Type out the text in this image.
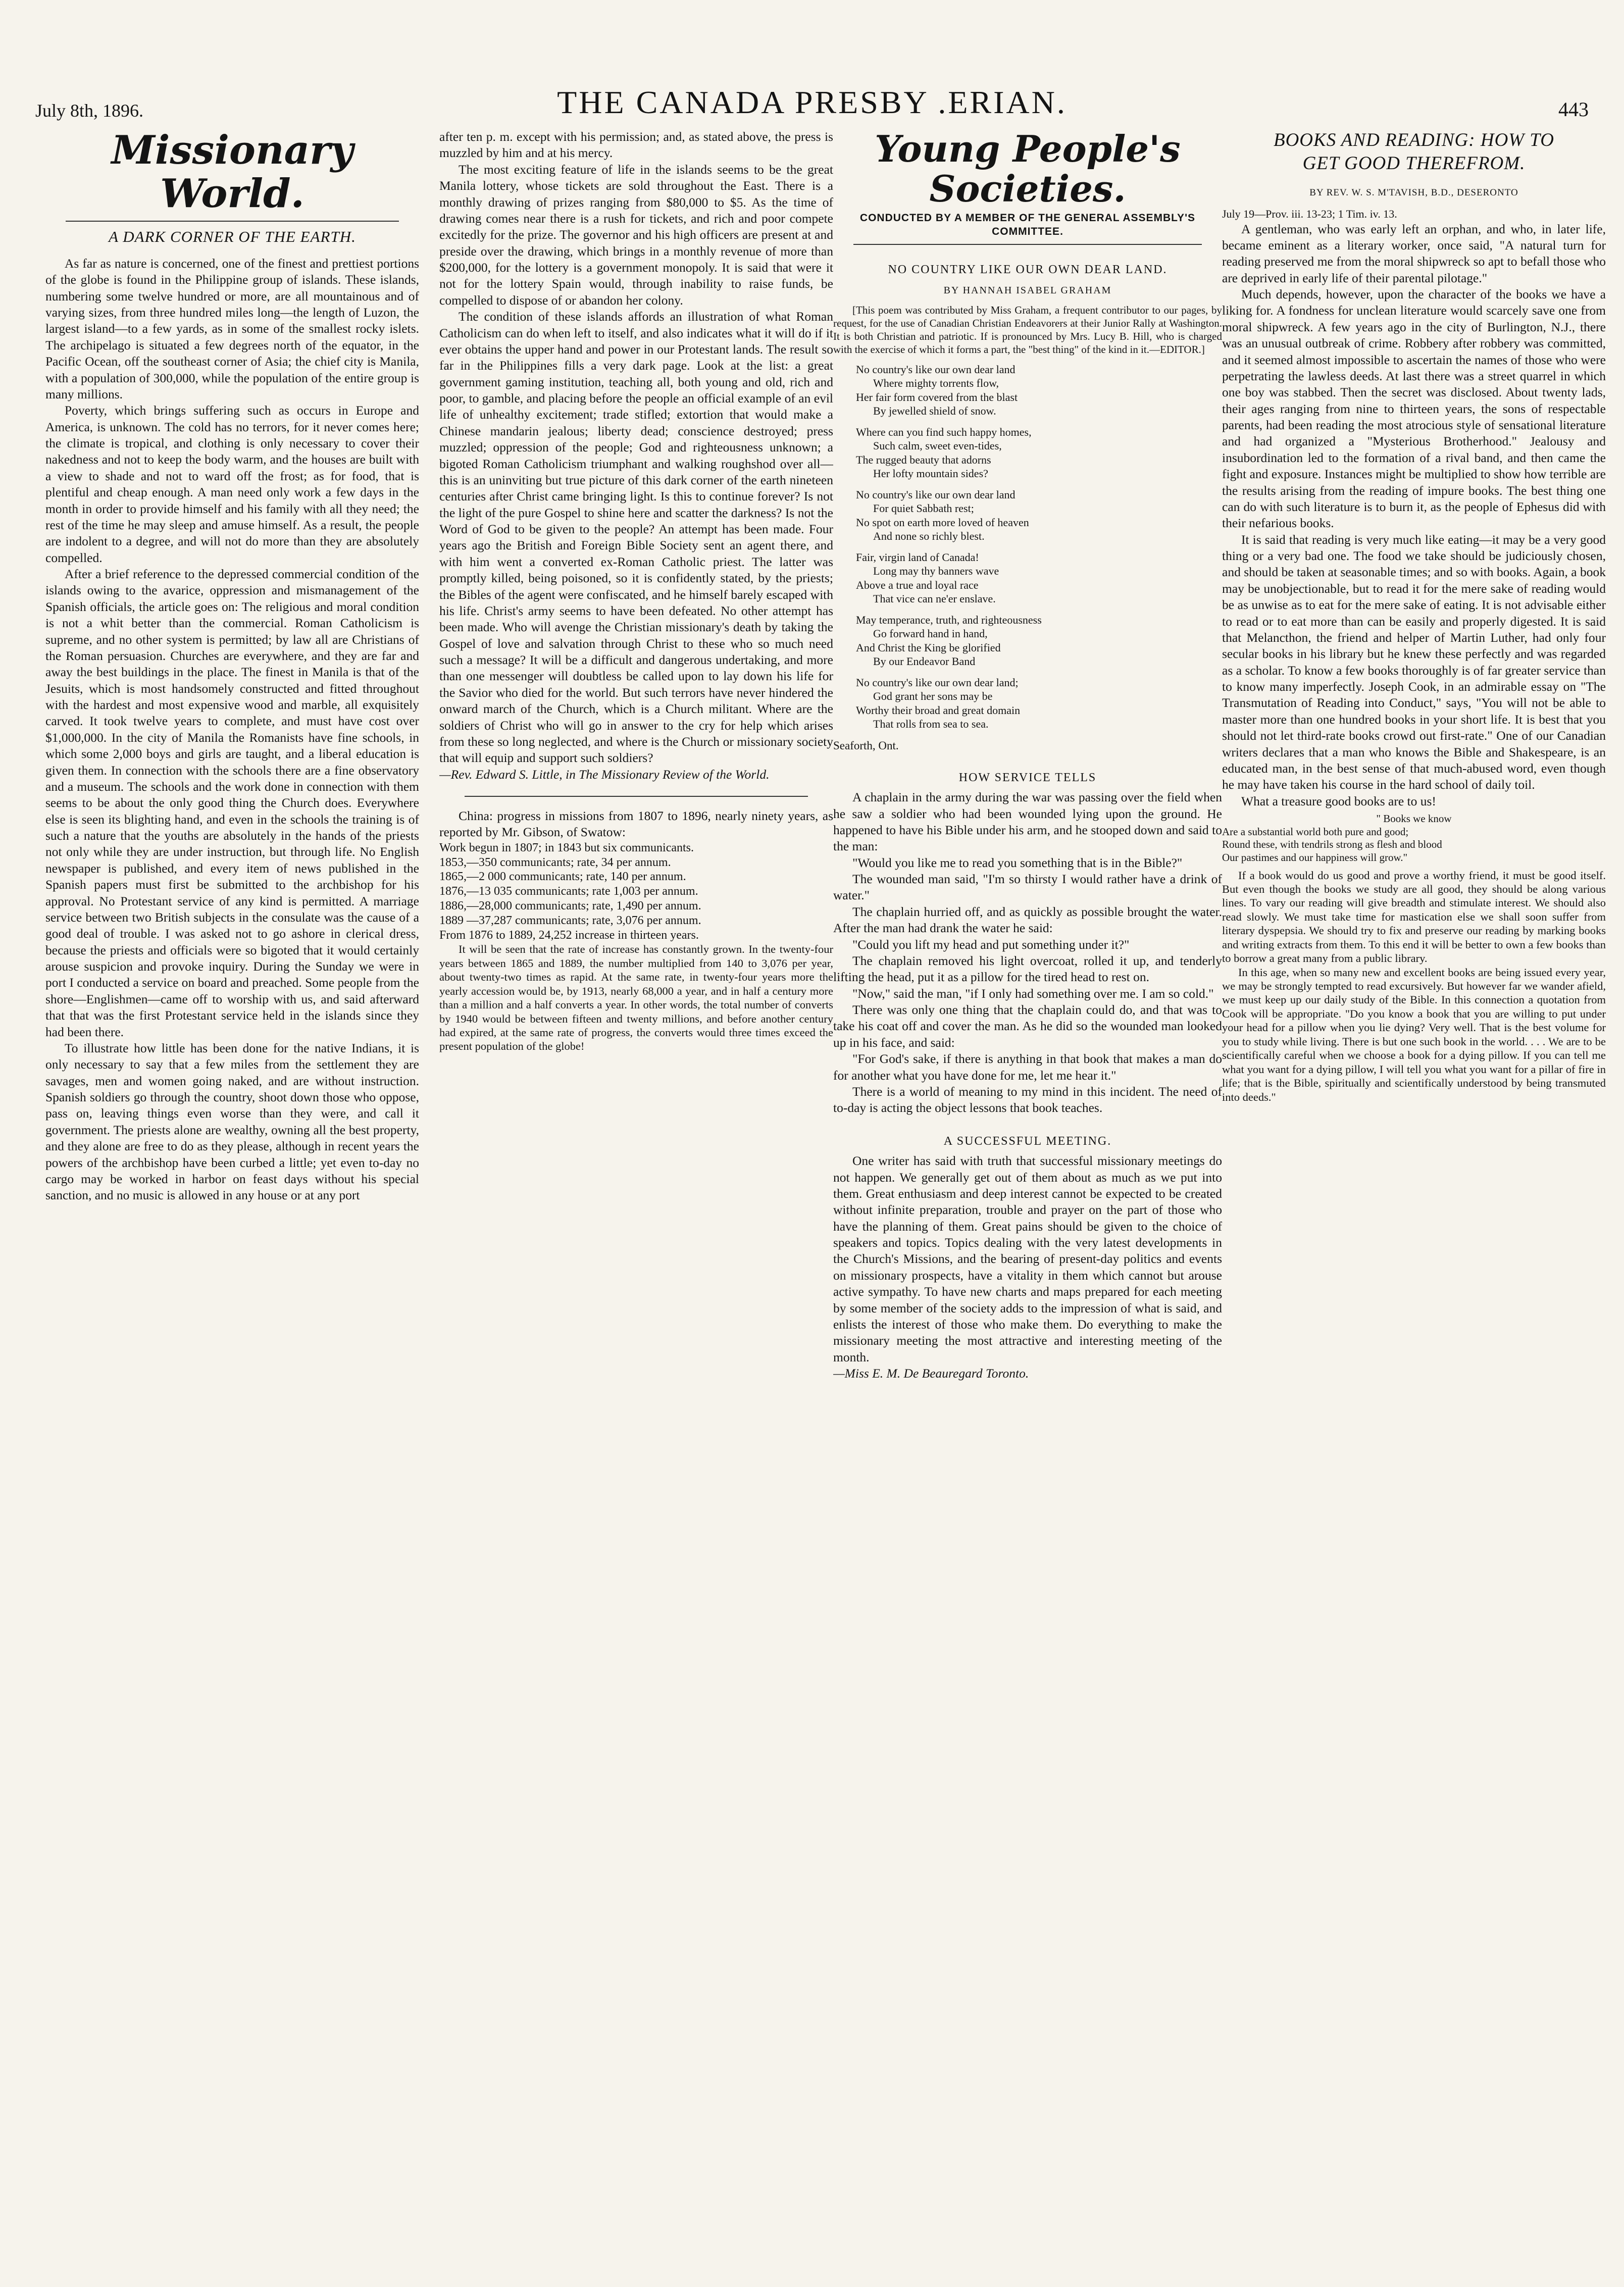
July 8th, 1896.	THE CANADA PRESBY .ERIAN.	443
Missionary World.
A DARK CORNER OF THE EARTH.

As far as nature is concerned, one of the finest and prettiest portions of the globe is found in the Philippine group of islands. These islands, numbering some twelve hundred or more, are all mountainous and of varying sizes, from three hundred miles long—the length of Luzon, the largest island—to a few yards, as in some of the smallest rocky islets. The archipelago is situated a few degrees north of the equator, in the Pacific Ocean, off the southeast corner of Asia; the chief city is Manila, with a population of 300,000, while the population of the entire group is many millions.

Poverty, which brings suffering such as occurs in Europe and America, is unknown. The cold has no terrors, for it never comes here; the climate is tropical, and clothing is only necessary to cover their nakedness and not to keep the body warm, and the houses are built with a view to shade and not to ward off the frost; as for food, that is plentiful and cheap enough. A man need only work a few days in the month in order to provide himself and his family with all they need; the rest of the time he may sleep and amuse himself. As a result, the people are indolent to a degree, and will not do more than they are absolutely compelled.

After a brief reference to the depressed commercial condition of the islands owing to the avarice, oppression and mismanagement of the Spanish officials, the article goes on: The religious and moral condition is not a whit better than the commercial. Roman Catholicism is supreme, and no other system is permitted; by law all are Christians of the Roman persuasion. Churches are everywhere, and they are far and away the best buildings in the place. The finest in Manila is that of the Jesuits, which is most handsomely constructed and fitted throughout with the hardest and most expensive wood and marble, all exquisitely carved. It took twelve years to complete, and must have cost over $1,000,000. In the city of Manila the Romanists have fine schools, in which some 2,000 boys and girls are taught, and a liberal education is given them. In connection with the schools there are a fine observatory and a museum. The schools and the work done in connection with them seems to be about the only good thing the Church does. Everywhere else is seen its blighting hand, and even in the schools the training is of such a nature that the youths are absolutely in the hands of the priests not only while they are under instruction, but through life. No English newspaper is published, and every item of news published in the Spanish papers must first be submitted to the archbishop for his approval. No Protestant service of any kind is permitted. A marriage service between two British subjects in the consulate was the cause of a good deal of trouble. I was asked not to go ashore in clerical dress, because the priests and officials were so bigoted that it would certainly arouse suspicion and provoke inquiry. During the Sunday we were in port I conducted a service on board and preached. Some people from the shore—Englishmen—came off to worship with us, and said afterward that that was the first Protestant service held in the islands since they had been there.

To illustrate how little has been done for the native Indians, it is only necessary to say that a few miles from the settlement they are savages, men and women going naked, and are without instruction. Spanish soldiers go through the country, shoot down those who oppose, pass on, leaving things even worse than they were, and call it government. The priests alone are wealthy, owning all the best property, and they alone are free to do as they please, although in recent years the powers of the archbishop have been curbed a little; yet even to-day no cargo may be worked in harbor on feast days without his special sanction, and no music is allowed in any house or at any port

after ten p. m. except with his permission; and, as stated above, the press is muzzled by him and at his mercy.

The most exciting feature of life in the islands seems to be the great Manila lottery, whose tickets are sold throughout the East. There is a monthly drawing of prizes ranging from $80,000 to $5. As the time of drawing comes near there is a rush for tickets, and rich and poor compete excitedly for the prize. The governor and his high officers are present at and preside over the drawing, which brings in a monthly revenue of more than $200,000, for the lottery is a government monopoly. It is said that were it not for the lottery Spain would, through inability to raise funds, be compelled to dispose of or abandon her colony.

The condition of these islands affords an illustration of what Roman Catholicism can do when left to itself, and also indicates what it will do if it ever obtains the upper hand and power in our Protestant lands. The result so far in the Philippines fills a very dark page. Look at the list: a great government gaming institution, teaching all, both young and old, rich and poor, to gamble, and placing before the people an official example of an evil life of unhealthy excitement; trade stifled; extortion that would make a Chinese mandarin jealous; liberty dead; conscience destroyed; press muzzled; oppression of the people; God and righteousness unknown; a bigoted Roman Catholicism triumphant and walking roughshod over all—this is an uninviting but true picture of this dark corner of the earth nineteen centuries after Christ came bringing light. Is this to continue forever? Is not the light of the pure Gospel to shine here and scatter the darkness? Is not the Word of God to be given to the people? An attempt has been made. Four years ago the British and Foreign Bible Society sent an agent there, and with him went a converted ex-Roman Catholic priest. The latter was promptly killed, being poisoned, so it is confidently stated, by the priests; the Bibles of the agent were confiscated, and he himself barely escaped with his life. Christ's army seems to have been defeated. No other attempt has been made. Who will avenge the Christian missionary's death by taking the Gospel of love and salvation through Christ to these who so much need such a message? It will be a difficult and dangerous undertaking, and more than one messenger will doubtless be called upon to lay down his life for the Savior who died for the world. But such terrors have never hindered the onward march of the Church, which is a Church militant. Where are the soldiers of Christ who will go in answer to the cry for help which arises from these so long neglected, and where is the Church or missionary society that will equip and support such soldiers?

—Rev. Edward S. Little, in The Missionary Review of the World.

China: progress in missions from 1807 to 1896, nearly ninety years, as reported by Mr. Gibson, of Swatow:

Work begun in 1807; in 1843 but six communicants.
1853,—350 communicants; rate, 34 per annum.
1865,—2 000 communicants; rate, 140 per annum.
1876,—13 035 communicants; rate 1,003 per annum.
1886,—28,000 communicants; rate, 1,490 per annum.
1889 —37,287 communicants; rate, 3,076 per annum.
From 1876 to 1889, 24,252 increase in thirteen years.

It will be seen that the rate of increase has constantly grown. In the twenty-four years between 1865 and 1889, the number multiplied from 140 to 3,076 per year, about twenty-two times as rapid. At the same rate, in twenty-four years more the yearly accession would be, by 1913, nearly 68,000 a year, and in half a century more than a million and a half converts a year. In other words, the total number of converts by 1940 would be between fifteen and twenty millions, and before another century had expired, at the same rate of progress, the converts would three times exceed the present population of the globe!

Young People's Societies.
CONDUCTED BY A MEMBER OF THE GENERAL ASSEMBLY'S COMMITTEE.
NO COUNTRY LIKE OUR OWN DEAR LAND.
BY HANNAH ISABEL GRAHAM

[This poem was contributed by Miss Graham, a frequent contributor to our pages, by request, for the use of Canadian Christian Endeavorers at their Junior Rally at Washington. It is both Christian and patriotic. If is pronounced by Mrs. Lucy B. Hill, who is charged with the exercise of which it forms a part, the "best thing" of the kind in it.—EDITOR.]

No country's like our own dear land
Where mighty torrents flow,
Her fair form covered from the blast
By jewelled shield of snow.
Where can you find such happy homes,
Such calm, sweet even-tides,
The rugged beauty that adorns
Her lofty mountain sides?
No country's like our own dear land
For quiet Sabbath rest;
No spot on earth more loved of heaven
And none so richly blest.
Fair, virgin land of Canada!
Long may thy banners wave
Above a true and loyal race
That vice can ne'er enslave.
May temperance, truth, and righteousness
Go forward hand in hand,
And Christ the King be glorified
By our Endeavor Band
No country's like our own dear land;
God grant her sons may be
Worthy their broad and great domain
That rolls from sea to sea.

Seaforth, Ont.

HOW SERVICE TELLS

A chaplain in the army during the war was passing over the field when he saw a soldier who had been wounded lying upon the ground. He happened to have his Bible under his arm, and he stooped down and said to the man:

"Would you like me to read you something that is in the Bible?"

The wounded man said, "I'm so thirsty I would rather have a drink of water."

The chaplain hurried off, and as quickly as possible brought the water. After the man had drank the water he said:

"Could you lift my head and put something under it?"

The chaplain removed his light overcoat, rolled it up, and tenderly lifting the head, put it as a pillow for the tired head to rest on.

"Now," said the man, "if I only had something over me. I am so cold."

There was only one thing that the chaplain could do, and that was to take his coat off and cover the man. As he did so the wounded man looked up in his face, and said:

"For God's sake, if there is anything in that book that makes a man do for another what you have done for me, let me hear it."

There is a world of meaning to my mind in this incident. The need of to-day is acting the object lessons that book teaches.

A SUCCESSFUL MEETING.

One writer has said with truth that successful missionary meetings do not happen. We generally get out of them about as much as we put into them. Great enthusiasm and deep interest cannot be expected to be created without infinite preparation, trouble and prayer on the part of those who have the planning of them. Great pains should be given to the choice of speakers and topics. Topics dealing with the very latest developments in the Church's Missions, and the bearing of present-day politics and events on missionary prospects, have a vitality in them which cannot but arouse active sympathy. To have new charts and maps prepared for each meeting by some member of the society adds to the impression of what is said, and enlists the interest of those who make them. Do everything to make the missionary meeting the most attractive and interesting meeting of the month.

—Miss E. M. De Beauregard Toronto.

BOOKS AND READING: HOW TO
GET GOOD THEREFROM.
BY REV. W. S. M'TAVISH, B.D., DESERONTO

July 19—Prov. iii. 13-23; 1 Tim. iv. 13.

A gentleman, who was early left an orphan, and who, in later life, became eminent as a literary worker, once said, "A natural turn for reading preserved me from the moral shipwreck so apt to befall those who are deprived in early life of their parental pilotage."

Much depends, however, upon the character of the books we have a liking for. A fondness for unclean literature would scarcely save one from moral shipwreck. A few years ago in the city of Burlington, N.J., there was an unusual outbreak of crime. Robbery after robbery was committed, and it seemed almost impossible to ascertain the names of those who were perpetrating the lawless deeds. At last there was a street quarrel in which one boy was stabbed. Then the secret was disclosed. About twenty lads, their ages ranging from nine to thirteen years, the sons of respectable parents, had been reading the most atrocious style of sensational literature and had organized a "Mysterious Brotherhood." Jealousy and insubordination led to the formation of a rival band, and then came the fight and exposure. Instances might be multiplied to show how terrible are the results arising from the reading of impure books. The best thing one can do with such literature is to burn it, as the people of Ephesus did with their nefarious books.

It is said that reading is very much like eating—it may be a very good thing or a very bad one. The food we take should be judiciously chosen, and should be taken at seasonable times; and so with books. Again, a book may be unobjectionable, but to read it for the mere sake of reading would be as unwise as to eat for the mere sake of eating. It is not advisable either to read or to eat more than can be easily and properly digested. It is said that Melancthon, the friend and helper of Martin Luther, had only four secular books in his library but he knew these perfectly and was regarded as a scholar. To know a few books thoroughly is of far greater service than to know many imperfectly. Joseph Cook, in an admirable essay on "The Transmutation of Reading into Conduct," says, "You will not be able to master more than one hundred books in your short life. It is best that you should not let third-rate books crowd out first-rate." One of our Canadian writers declares that a man who knows the Bible and Shakespeare, is an educated man, in the best sense of that much-abused word, even though he may have taken his course in the hard school of daily toil.

What a treasure good books are to us!

" Books we know
Are a substantial world both pure and good;
Round these, with tendrils strong as flesh and blood
Our pastimes and our happiness will grow."

If a book would do us good and prove a worthy friend, it must be good itself. But even though the books we study are all good, they should be along various lines. To vary our reading will give breadth and stimulate interest. We should also read slowly. We must take time for mastication else we shall soon suffer from literary dyspepsia. We should try to fix and preserve our reading by marking books and writing extracts from them. To this end it will be better to own a few books than to borrow a great many from a public library.

In this age, when so many new and excellent books are being issued every year, we may be strongly tempted to read excursively. But however far we wander afield, we must keep up our daily study of the Bible. In this connection a quotation from Cook will be appropriate. "Do you know a book that you are willing to put under your head for a pillow when you lie dying? Very well. That is the best volume for you to study while living. There is but one such book in the world. . . . We are to be scientifically careful when we choose a book for a dying pillow. If you can tell me what you want for a dying pillow, I will tell you what you want for a pillar of fire in life; that is the Bible, spiritually and scientifically understood by being transmuted into deeds."
